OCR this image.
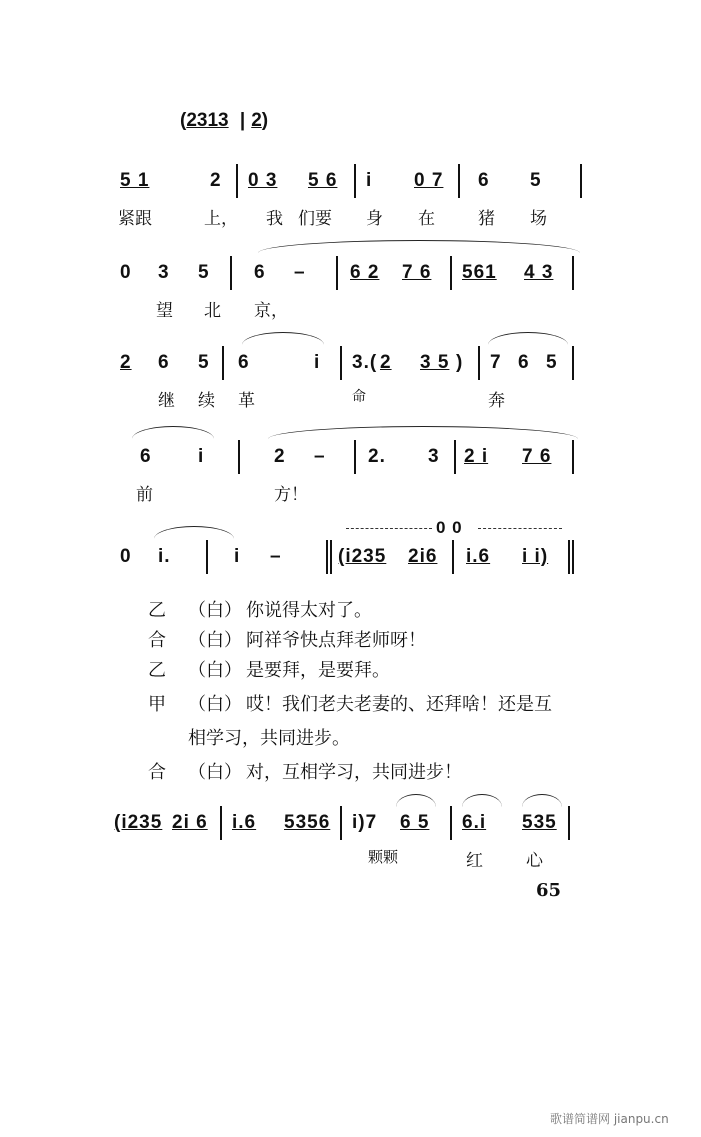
(2313 | 2)
5 1	2 0 3 5 6 i 0 7 6 5
紧跟	上， 我 们要 身 在	猪 场
0 3 5 6 – 6 2 7 6 561 4 3
望 北 京，
2 6 5 6	i 3.( 2 3 5 ) 7 6 5
继 续 革	命	奔
6 i	2 – 2. 3 2 i 7 6
前	方！
0 0
0 i.	i –	(i235 2i6 i.6 i i)
乙 （白） 你说得太对了。
合 （白） 阿祥爷快点拜老师呀！
乙 （白） 是要拜，是要拜。
甲 （白） 哎！我们老夫老妻的、还拜啥！还是互
相学习，共同进步。
合 （白） 对，互相学习，共同进步！
(i235 2i 6 i.6 5356 i)7 6 5 6.i 535
颗颗	红	心
65
歌谱简谱网 jianpu.cn
